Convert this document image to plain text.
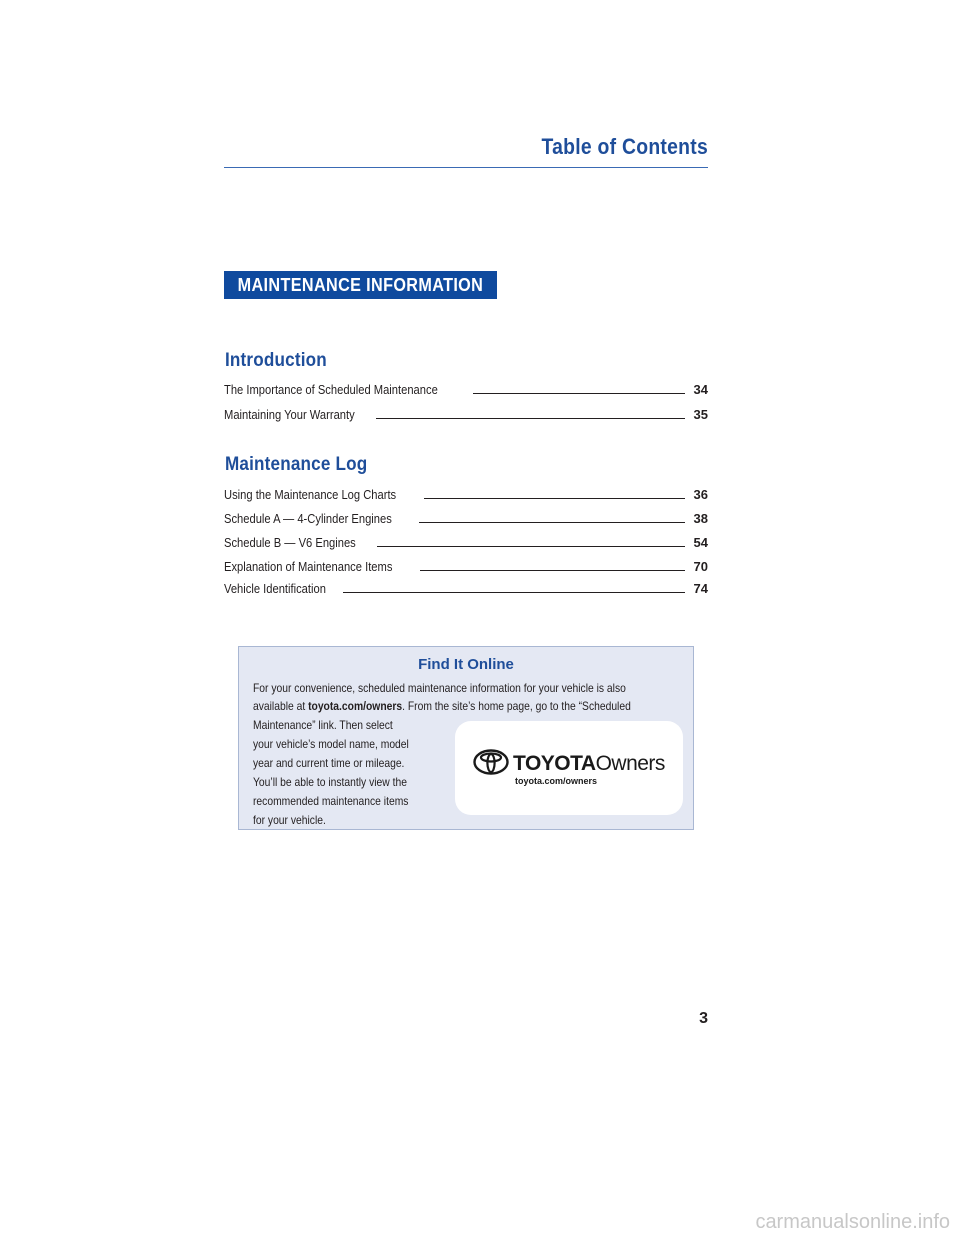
Table of Contents
MAINTENANCE INFORMATION
Introduction
The Importance of Scheduled Maintenance	34
Maintaining Your Warranty	35
Maintenance Log
Using the Maintenance Log Charts	36
Schedule A — 4-Cylinder Engines	38
Schedule B — V6 Engines	54
Explanation of Maintenance Items	70
Vehicle Identification	74
Find It Online
For your convenience, scheduled maintenance information for your vehicle is also
available at toyota.com/owners. From the site’s home page, go to the “Scheduled
Maintenance” link. Then select
your vehicle’s model name, model
year and current time or mileage.
You’ll be able to instantly view the
recommended maintenance items
for your vehicle.
TOYOTAOwners
toyota.com/owners
3
carmanualsonline.info
